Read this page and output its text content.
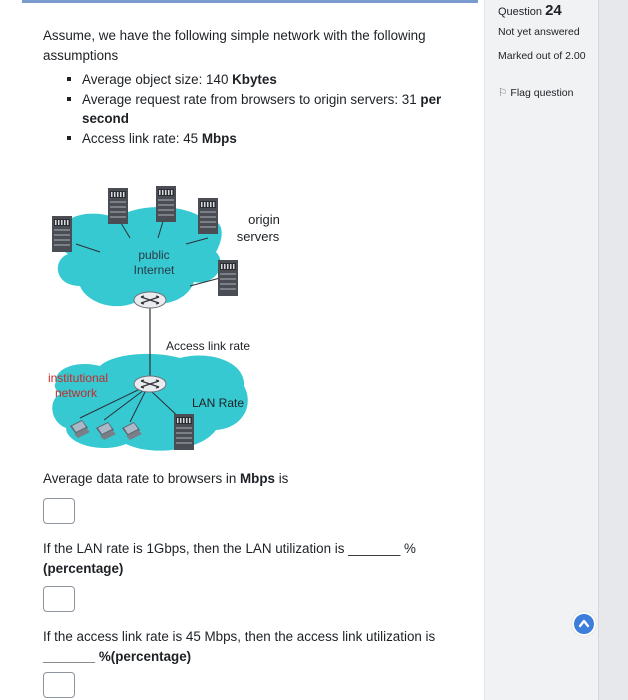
Assume, we have the following simple network with the following assumptions

Average object size: 140 Kbytes
Average request rate from browsers to origin servers: 31 per second
Access link rate: 45 Mbps
origin servers
public Internet
Access link rate
institutional network
LAN Rate

Average data rate to browsers in Mbps is

If the LAN rate is 1Gbps, then the LAN utilization is _______ %
(percentage)

If the access link rate is 45 Mbps, then the access link utilization is
_______ %(percentage)

Question 24
Not yet answered
Marked out of 2.00
⚐ Flag question
